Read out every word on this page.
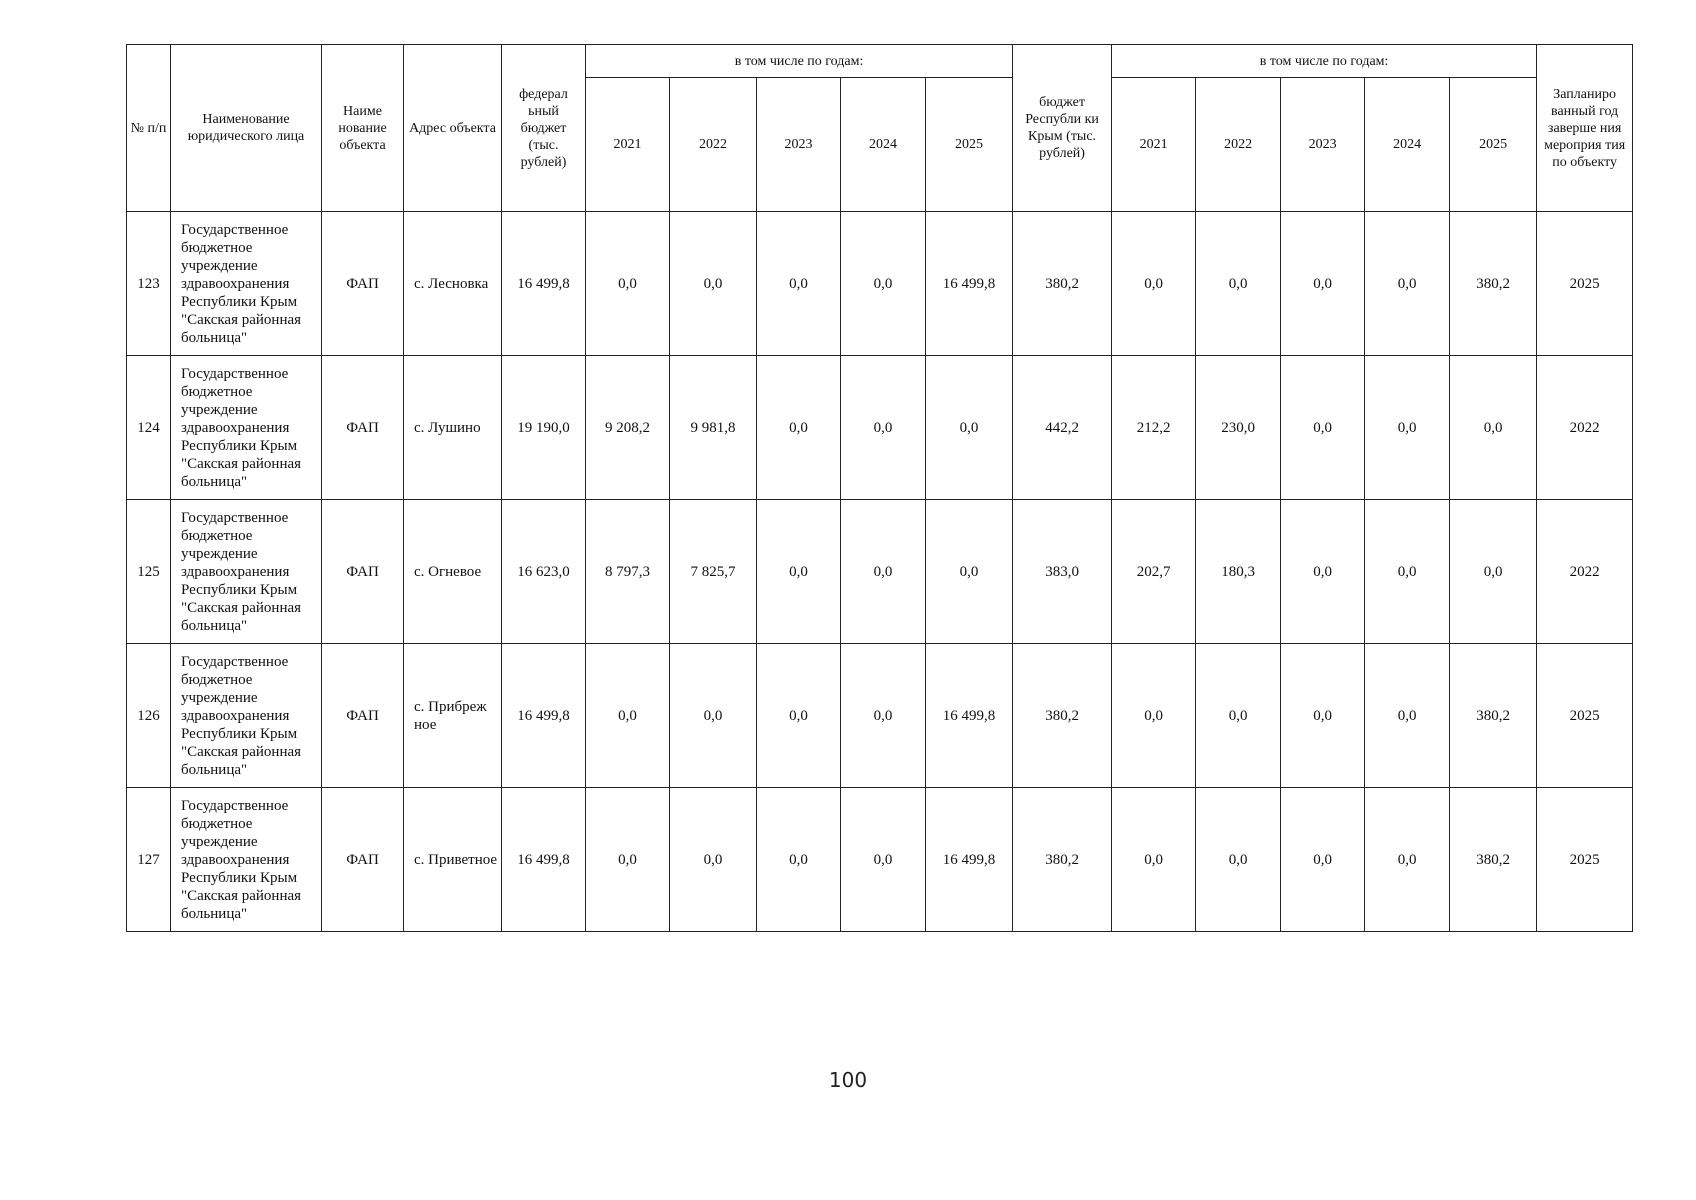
№ п/п	Наименование юридического лица	Наиме нование объекта	Адрес объекта	федерал ьный бюджет (тыс. рублей)	в том числе по годам:					бюджет Республи ки Крым (тыс. рублей)	в том числе по годам:					Запланиро ванный год заверше ния мероприя тия по объекту
					2021	2022	2023	2024	2025		2021	2022	2023	2024	2025	
123	Государственное бюджетное учреждение здравоохранения Республики Крым "Сакская районная больница"	ФАП	с. Лесновка	16 499,8	0,0	0,0	0,0	0,0	16 499,8	380,2	0,0	0,0	0,0	0,0	380,2	2025
124	Государственное бюджетное учреждение здравоохранения Республики Крым "Сакская районная больница"	ФАП	с. Лушино	19 190,0	9 208,2	9 981,8	0,0	0,0	0,0	442,2	212,2	230,0	0,0	0,0	0,0	2022
125	Государственное бюджетное учреждение здравоохранения Республики Крым "Сакская районная больница"	ФАП	с. Огневое	16 623,0	8 797,3	7 825,7	0,0	0,0	0,0	383,0	202,7	180,3	0,0	0,0	0,0	2022
126	Государственное бюджетное учреждение здравоохранения Республики Крым "Сакская районная больница"	ФАП	с. Прибреж ное	16 499,8	0,0	0,0	0,0	0,0	16 499,8	380,2	0,0	0,0	0,0	0,0	380,2	2025
127	Государственное бюджетное учреждение здравоохранения Республики Крым "Сакская районная больница"	ФАП	с. Приветное	16 499,8	0,0	0,0	0,0	0,0	16 499,8	380,2	0,0	0,0	0,0	0,0	380,2	2025
100
